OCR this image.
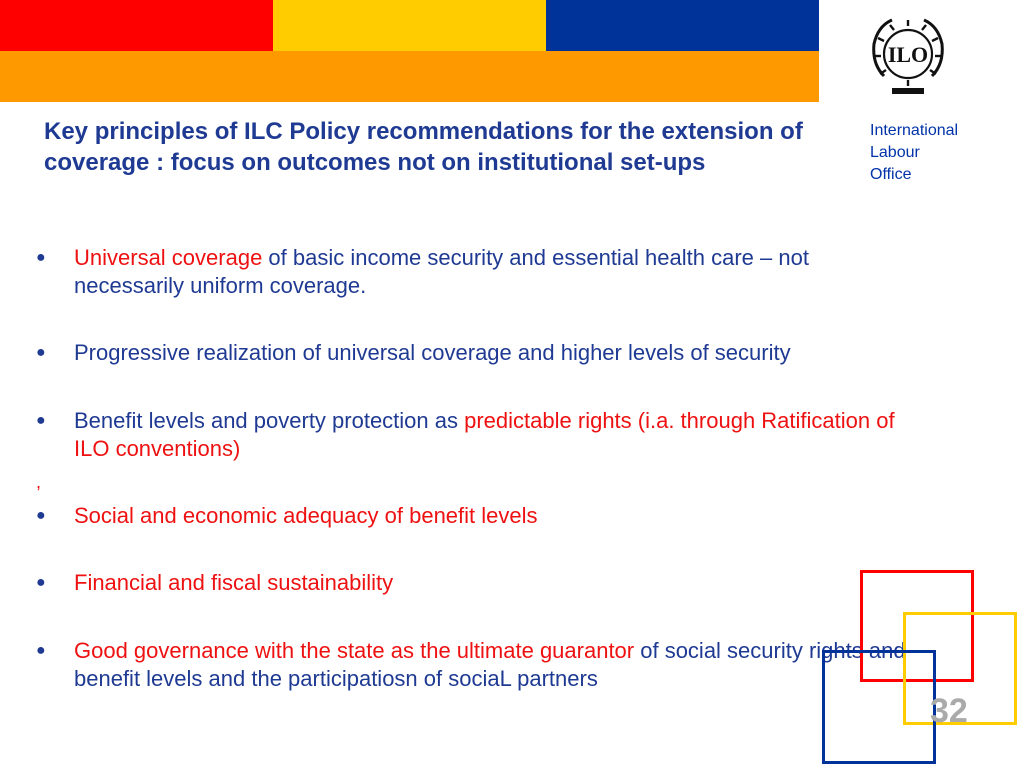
ILO
International
Labour
Office
Key principles of ILC Policy recommendations for the extension of coverage : focus on outcomes not on institutional set-ups
● Universal coverage of basic income security and essential health care – not necessarily uniform coverage.
● Progressive realization of universal coverage and higher levels of security
● Benefit levels and poverty protection as predictable rights (i.a. through Ratification of ILO conventions)
,
● Social and economic adequacy of benefit levels
● Financial and fiscal sustainability
● Good governance with the state as the ultimate guarantor of social security rights and benefit levels and the participatiosn of sociaL partners
32
